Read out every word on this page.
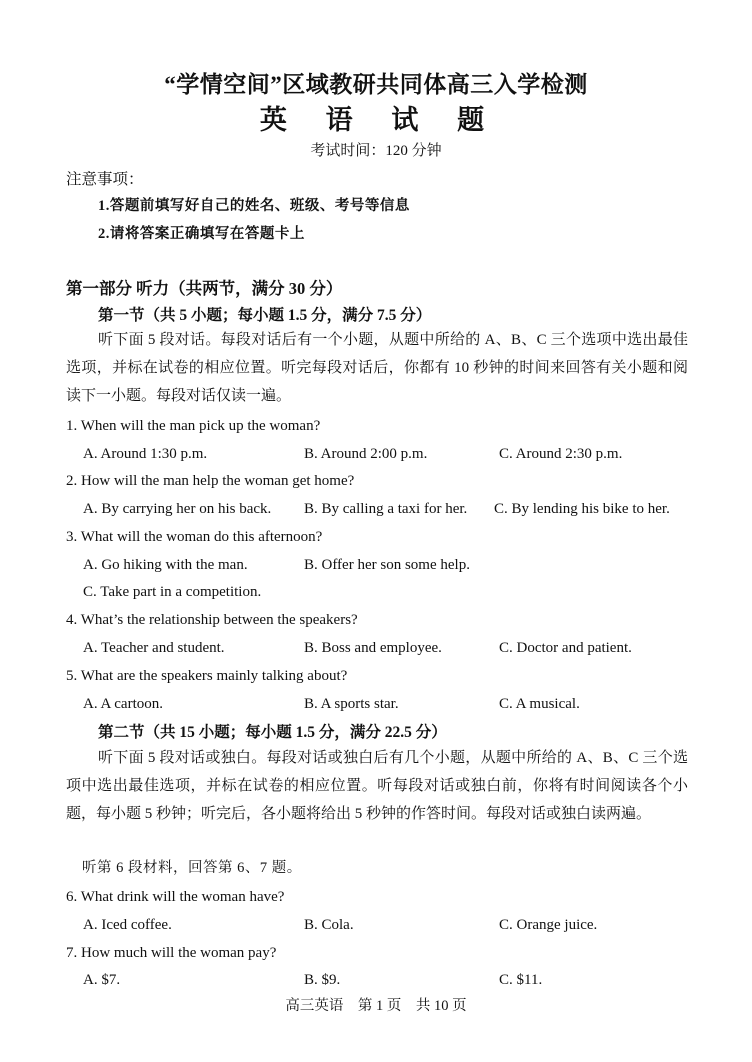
“学情空间”区域教研共同体高三入学检测
英 语 试 题
考试时间：120 分钟
注意事项：
1.答题前填写好自己的姓名、班级、考号等信息
2.请将答案正确填写在答题卡上
第一部分 听力（共两节，满分 30 分）
第一节（共 5 小题；每小题 1.5 分，满分 7.5 分）
听下面 5 段对话。每段对话后有一个小题，从题中所给的 A、B、C 三个选项中选出最佳选项，并标在试卷的相应位置。听完每段对话后，你都有 10 秒钟的时间来回答有关小题和阅读下一小题。每段对话仅读一遍。
1. When will the man pick up the woman?
A. Around 1:30 p.m.	B. Around 2:00 p.m.	C. Around 2:30 p.m.
2. How will the man help the woman get home?
A. By carrying her on his back. B. By calling a taxi for her. C. By lending his bike to her.
3. What will the woman do this afternoon?
A. Go hiking with the man.	B. Offer her son some help.
C. Take part in a competition.
4. What’s the relationship between the speakers?
A. Teacher and student.	B. Boss and employee.	C. Doctor and patient.
5. What are the speakers mainly talking about?
A. A cartoon.	B. A sports star.	C. A musical.
第二节（共 15 小题；每小题 1.5 分，满分 22.5 分）
听下面 5 段对话或独白。每段对话或独白后有几个小题，从题中所给的 A、B、C 三个选项中选出最佳选项，并标在试卷的相应位置。听每段对话或独白前，你将有时间阅读各个小题，每小题 5 秒钟；听完后，各小题将给出 5 秒钟的作答时间。每段对话或独白读两遍。
听第 6 段材料，回答第 6、7 题。
6. What drink will the woman have?
A. Iced coffee.	B. Cola.	C. Orange juice.
7. How much will the woman pay?
A. $7.	B. $9.	C. $11.
高三英语　第 1 页　共 10 页
